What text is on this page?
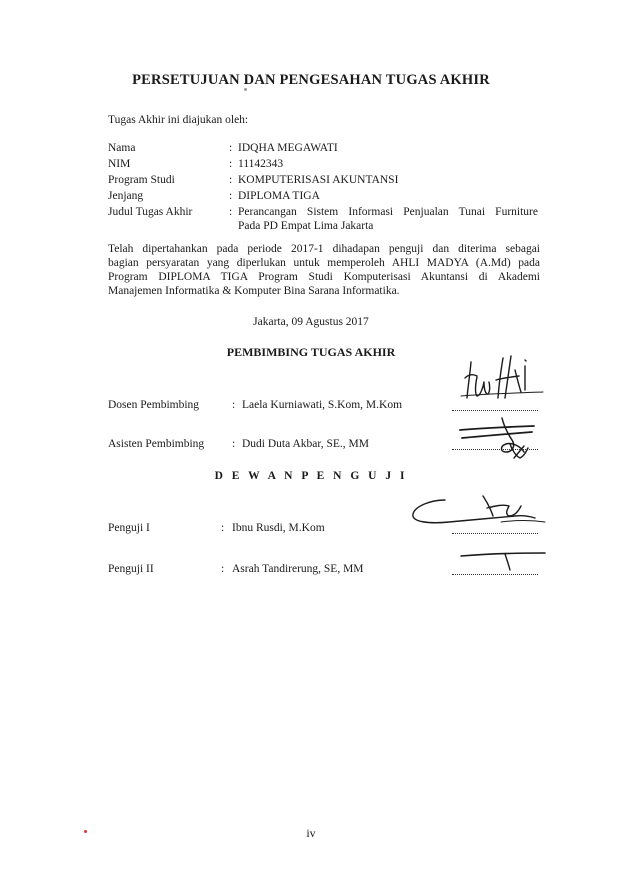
PERSETUJUAN DAN PENGESAHAN TUGAS AKHIR
Tugas Akhir ini diajukan oleh:
Nama	: IDQHA MEGAWATI
NIM	: 11142343
Program Studi	: KOMPUTERISASI AKUNTANSI
Jenjang	: DIPLOMA TIGA
Judul Tugas Akhir	: Perancangan Sistem Informasi Penjualan Tunai Furniture
Pada PD Empat Lima Jakarta
Telah dipertahankan pada periode 2017-1 dihadapan penguji dan diterima sebagai
bagian persyaratan yang diperlukan untuk memperoleh AHLI MADYA (A.Md) pada
Program DIPLOMA TIGA Program Studi Komputerisasi Akuntansi di Akademi
Manajemen Informatika & Komputer Bina Sarana Informatika.
Jakarta, 09 Agustus 2017
PEMBIMBING TUGAS AKHIR
Dosen Pembimbing	: Laela Kurniawati, S.Kom, M.Kom
Asisten Pembimbing : Dudi Duta Akbar, SE., MM
D E W A N P E N G U J I
Penguji I	: Ibnu Rusdi, M.Kom
Penguji II	: Asrah Tandirerung, SE, MM
iv
